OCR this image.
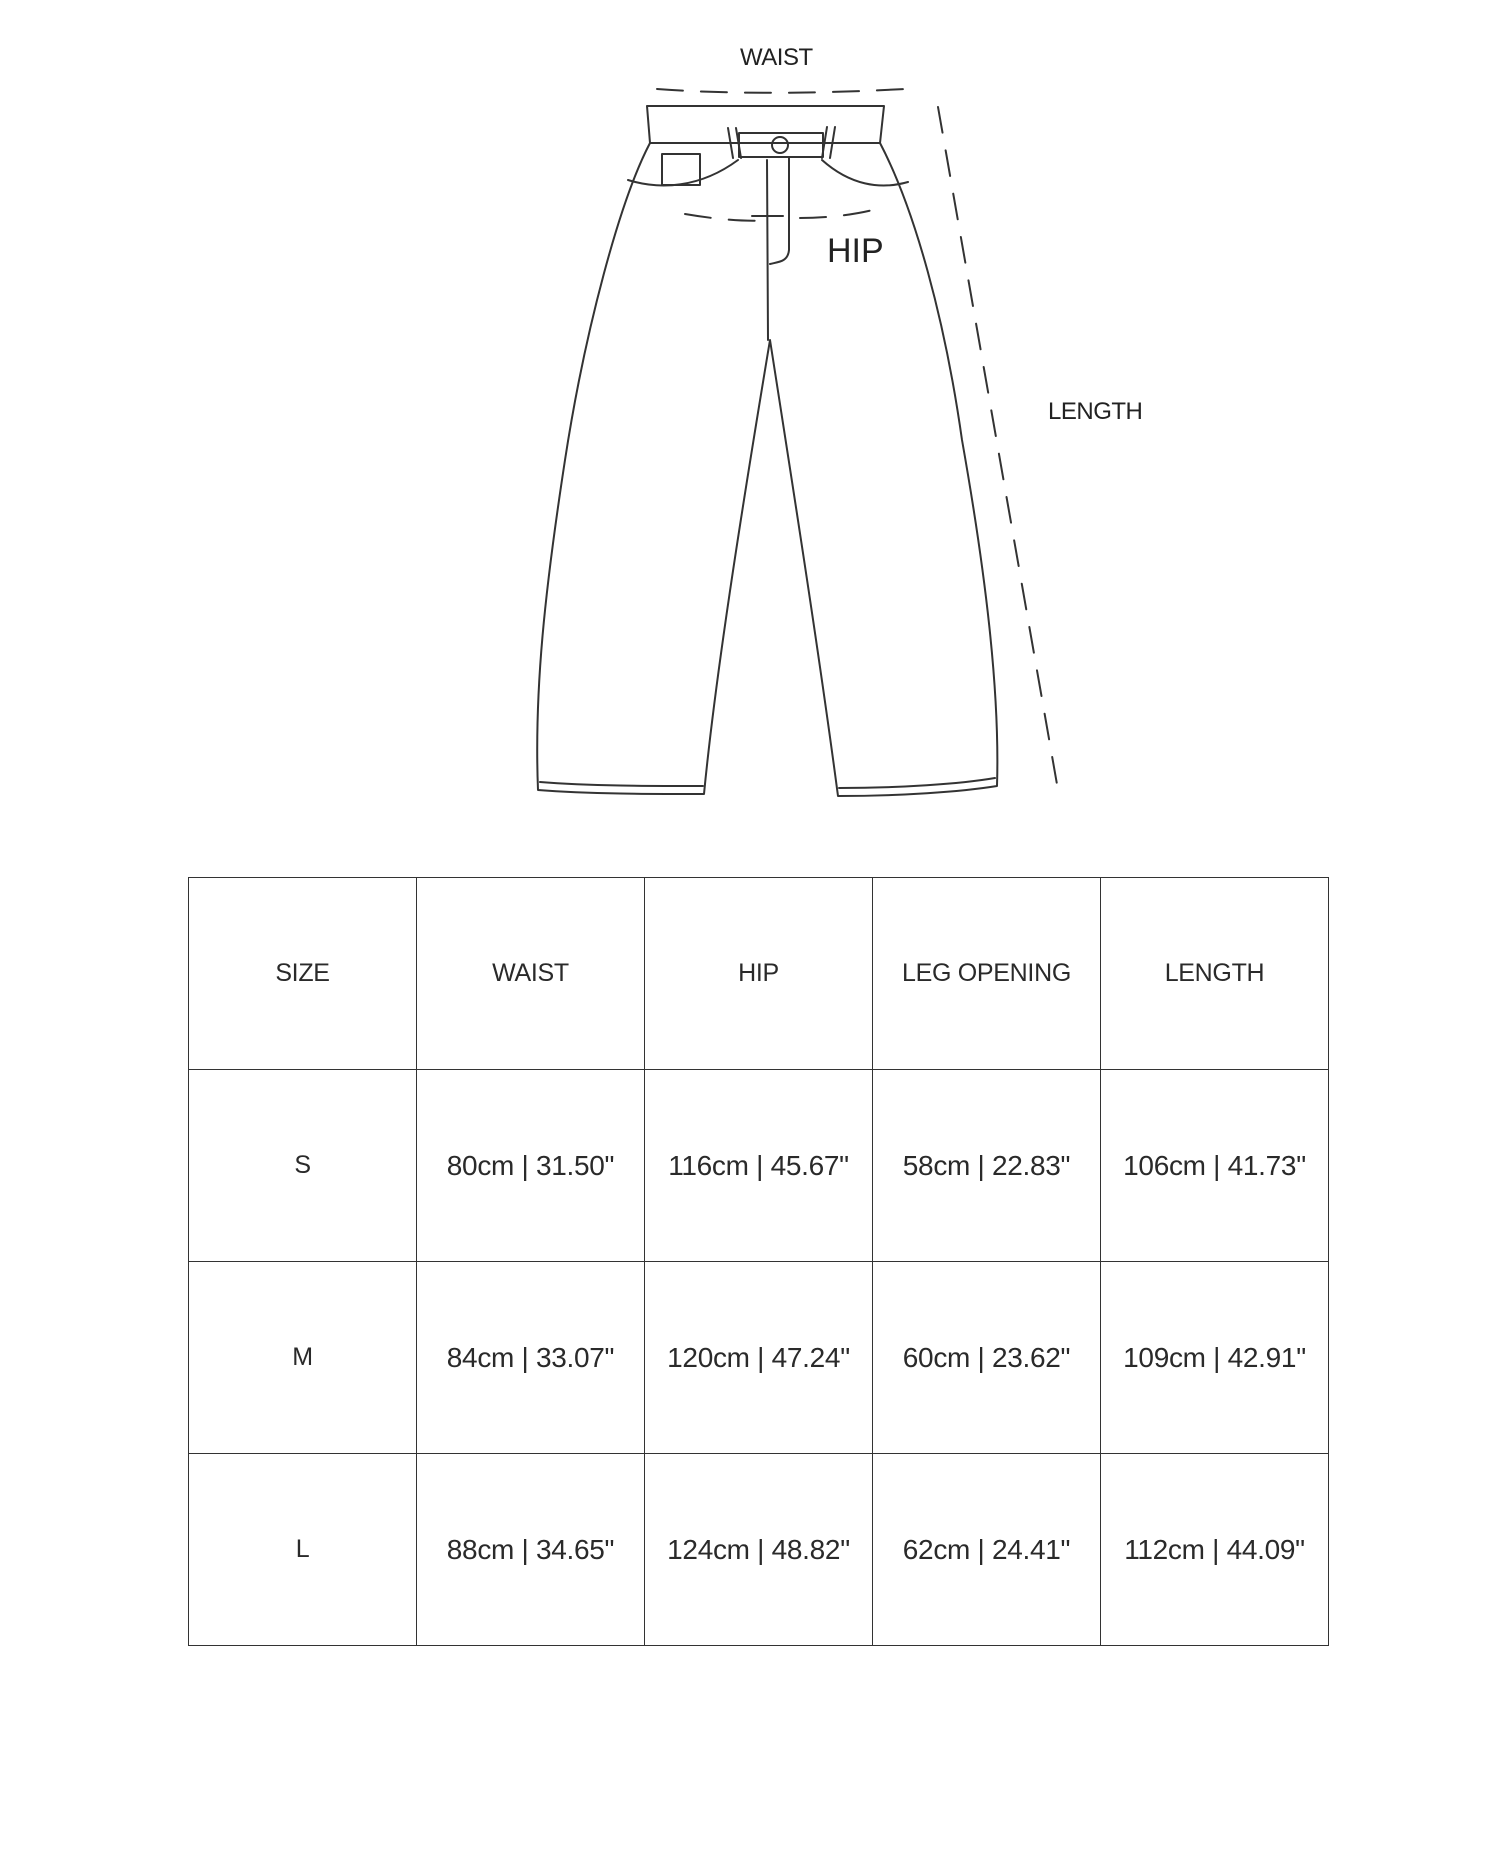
WAIST
HIP
LENGTH
SIZE	WAIST	HIP	LEG OPENING	LENGTH
S	80cm | 31.50"	116cm | 45.67"	58cm | 22.83"	106cm | 41.73"
M	84cm | 33.07"	120cm | 47.24"	60cm | 23.62"	109cm | 42.91"
L	88cm | 34.65"	124cm | 48.82"	62cm | 24.41"	112cm | 44.09"
